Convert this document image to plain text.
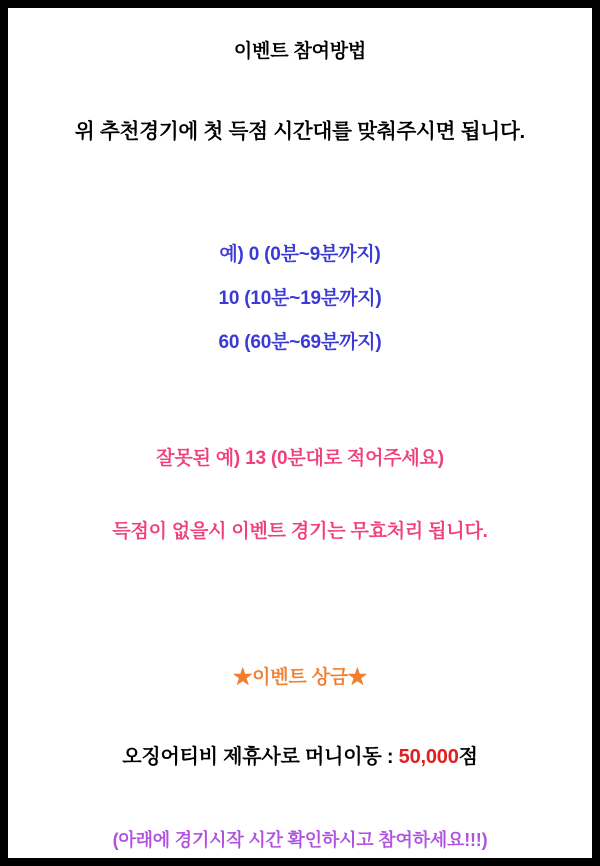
이벤트 참여방법
위 추천경기에 첫 득점 시간대를 맞춰주시면 됩니다.
예) 0 (0분~9분까지)
10 (10분~19분까지)
60 (60분~69분까지)
잘못된 예) 13 (0분대로 적어주세요)
득점이 없을시 이벤트 경기는 무효처리 됩니다.
★이벤트 상금★
오징어티비 제휴사로 머니이동 : 50,000점
(아래에 경기시작 시간 확인하시고 참여하세요!!!)
